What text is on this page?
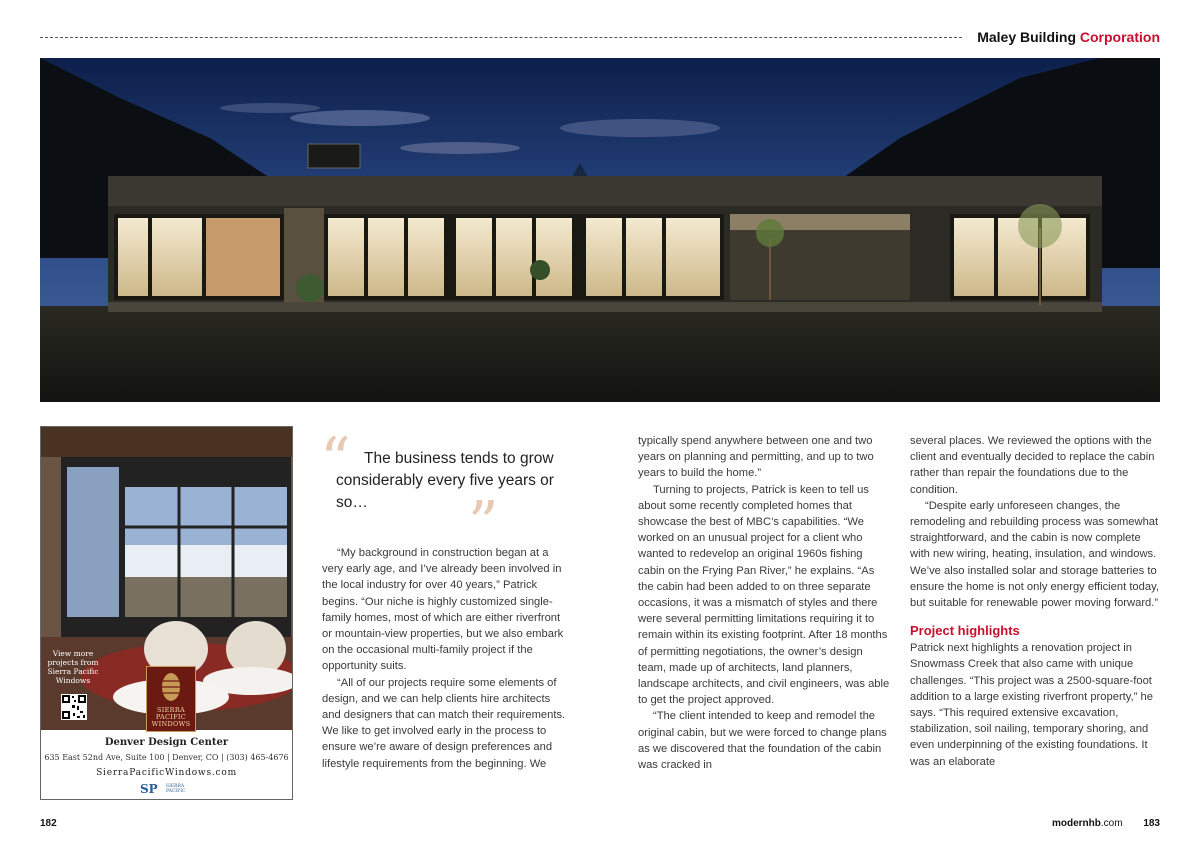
Maley Building Corporation
View more projects from Sierra Pacific Windows
SIERRA PACIFIC
WINDOWS
Denver Design Center
635 East 52nd Ave, Suite 100 | Denver, CO | (303) 465-4676
SierraPacificWindows.com
SP SIERRA PACIFIC
“ The business tends to grow considerably every five years or so…	”

“My background in construction began at a very early age, and I’ve already been involved in the local industry for over 40 years,” Patrick begins. “Our niche is highly customized single-family homes, most of which are either riverfront or mountain-view properties, but we also embark on the occasional multi-family project if the opportunity suits.

“All of our projects require some elements of design, and we can help clients hire architects and designers that can match their requirements. We like to get involved early in the process to ensure we’re aware of design preferences and lifestyle requirements from the beginning. We

typically spend anywhere between one and two years on planning and permitting, and up to two years to build the home.”

Turning to projects, Patrick is keen to tell us about some recently completed homes that showcase the best of MBC’s capabilities. “We worked on an unusual project for a client who wanted to redevelop an original 1960s fishing cabin on the Frying Pan River,” he explains. “As the cabin had been added to on three separate occasions, it was a mismatch of styles and there were several permitting limitations requiring it to remain within its existing footprint. After 18 months of permitting negotiations, the owner’s design team, made up of architects, land planners, landscape architects, and civil engineers, was able to get the project approved.

“The client intended to keep and remodel the original cabin, but we were forced to change plans as we discovered that the foundation of the cabin was cracked in

several places. We reviewed the options with the client and eventually decided to replace the cabin rather than repair the foundations due to the condition.

“Despite early unforeseen changes, the remodeling and rebuilding process was somewhat straightforward, and the cabin is now complete with new wiring, heating, insulation, and windows. We’ve also installed solar and storage batteries to ensure the home is not only energy efficient today, but suitable for renewable power moving forward.”

Project highlights

Patrick next highlights a renovation project in Snowmass Creek that also came with unique challenges. “This project was a 2500-square-foot addition to a large existing riverfront property,” he says. “This required extensive excavation, stabilization, soil nailing, temporary shoring, and even underpinning of the existing foundations. It was an elaborate

182	modernhb.com 183
